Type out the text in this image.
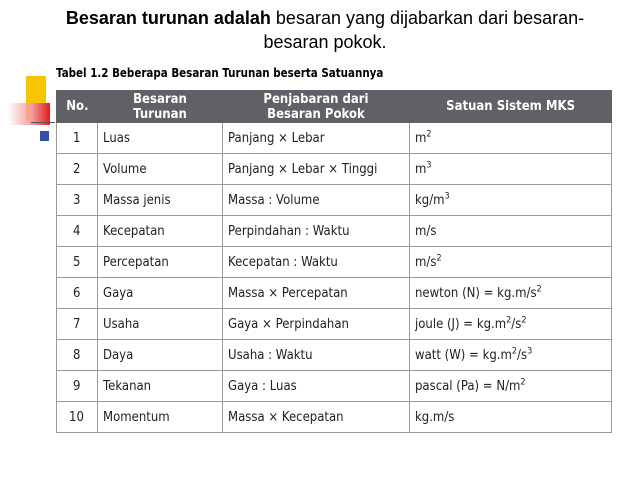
Besaran turunan adalah besaran yang dijabarkan dari besaran-besaran pokok.
Tabel 1.2 Beberapa Besaran Turunan beserta Satuannya
No.	Besaran Turunan	Penjabaran dari Besaran Pokok	Satuan Sistem MKS
1	Luas	Panjang × Lebar	$m^2$
2	Volume	Panjang × Lebar × Tinggi	$m^3$
3	Massa jenis	Massa : Volume	$kg/m^3$
4	Kecepatan	Perpindahan : Waktu	m/s
5	Percepatan	Kecepatan : Waktu	$m/s^2$
6	Gaya	Massa × Percepatan	newton $(N) = kg.m/s^2$
7	Usaha	Gaya × Perpindahan	joule $(J) = kg.m^2/s^2$
8	Daya	Usaha : Waktu	watt $(W) = kg.m^2/s^3$
9	Tekanan	Gaya : Luas	pascal $(Pa) = N/m^2$
10	Momentum	Massa × Kecepatan	kg.m/s
